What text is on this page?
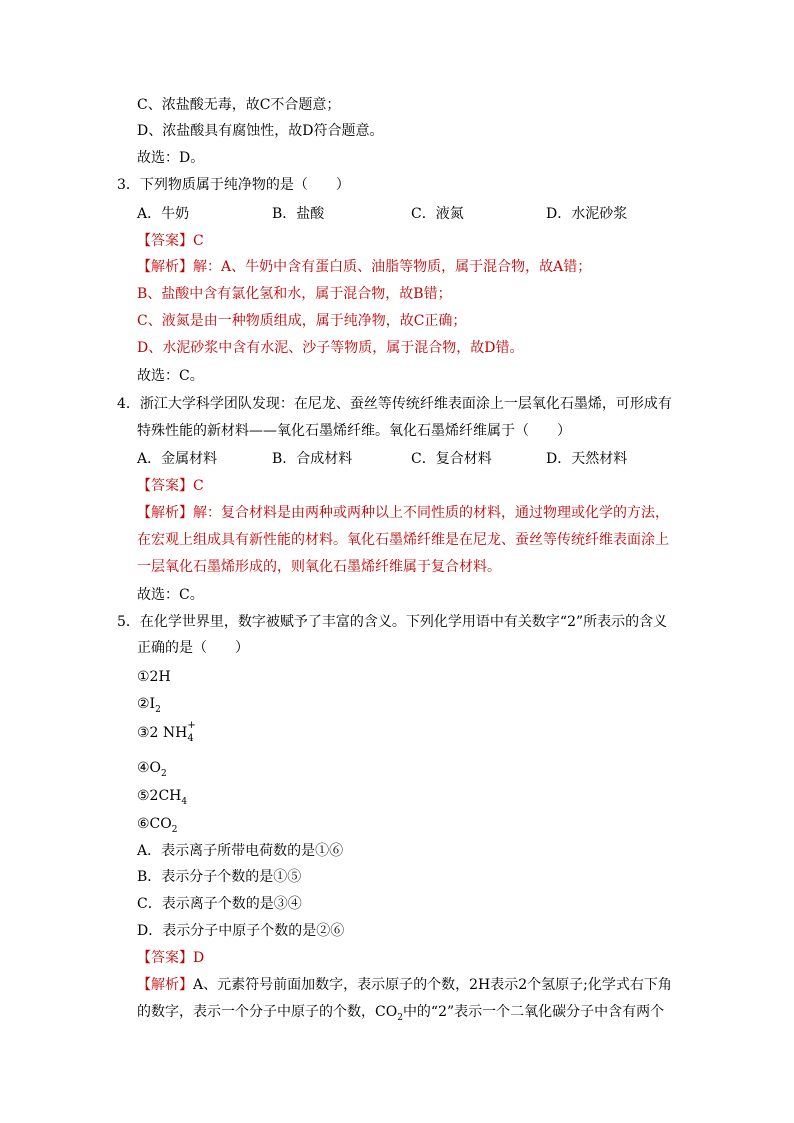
C、浓盐酸无毒，故C不合题意；
D、浓盐酸具有腐蚀性，故D符合题意。
故选：D。
3．下列物质属于纯净物的是（　　）
A．牛奶	B．盐酸	C．液氮	D．水泥砂浆
【答案】C
【解析】解：A、牛奶中含有蛋白质、油脂等物质，属于混合物，故A错；
B、盐酸中含有氯化氢和水，属于混合物，故B错；
C、液氮是由一种物质组成，属于纯净物，故C正确；
D、水泥砂浆中含有水泥、沙子等物质，属于混合物，故D错。
故选：C。
4．浙江大学科学团队发现：在尼龙、蚕丝等传统纤维表面涂上一层氧化石墨烯，可形成有
特殊性能的新材料——氧化石墨烯纤维。氧化石墨烯纤维属于（　　）
A．金属材料	B．合成材料	C．复合材料	D．天然材料
【答案】C
【解析】解：复合材料是由两种或两种以上不同性质的材料，通过物理或化学的方法，
在宏观上组成具有新性能的材料。氧化石墨烯纤维是在尼龙、蚕丝等传统纤维表面涂上
一层氧化石墨烯形成的，则氧化石墨烯纤维属于复合材料。
故选：C。
5．在化学世界里，数字被赋予了丰富的含义。下列化学用语中有关数字“2”所表示的含义
正确的是（　　）
①2H
$②I_2$
③2 NH +
4
$④O_2$
$⑤2CH_4$
$⑥CO_2$
A．表示离子所带电荷数的是①⑥
B．表示分子个数的是①⑤
C．表示离子个数的是③④
D．表示分子中原子个数的是②⑥
【答案】D
【解析】A、元素符号前面加数字，表示原子的个数，2H表示2个氢原子;化学式右下角
的数字，表示一个分子中原子的个数，$CO_2$中的“2”表示一个二氧化碳分子中含有两个
